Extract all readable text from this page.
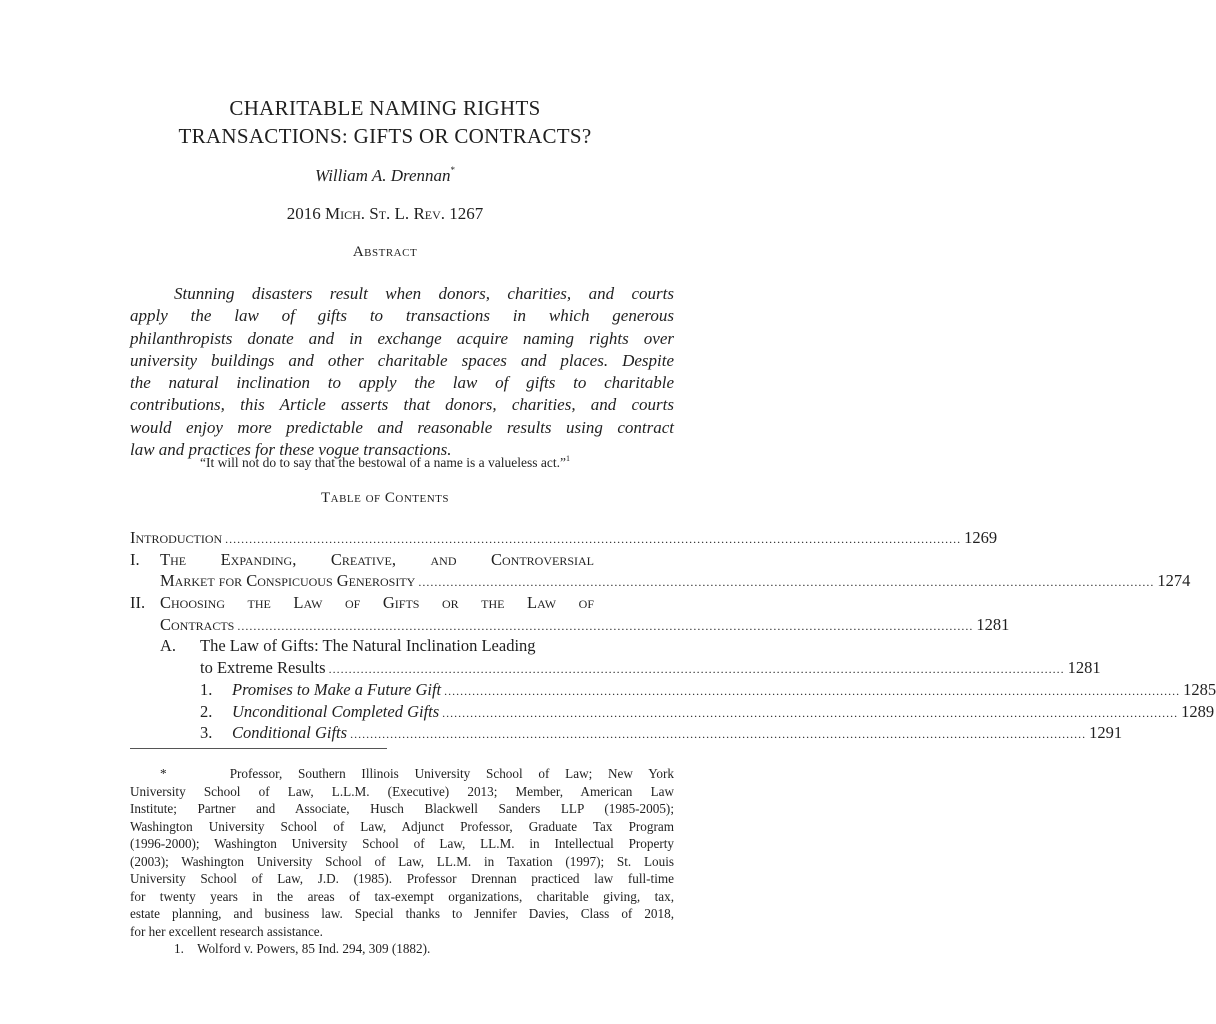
CHARITABLE NAMING RIGHTS
TRANSACTIONS: GIFTS OR CONTRACTS?
William A. Drennan*
2016 Mich. St. L. Rev. 1267
Abstract
Stunning disasters result when donors, charities, and courts
apply the law of gifts to transactions in which generous
philanthropists donate and in exchange acquire naming rights over
university buildings and other charitable spaces and places. Despite
the natural inclination to apply the law of gifts to charitable
contributions, this Article asserts that donors, charities, and courts
would enjoy more predictable and reasonable results using contract
law and practices for these vogue transactions.
“It will not do to say that the bestowal of a name is a valueless act.”$^1$
Table of Contents
Introduction ........................................................................................................................................................................................ 1269
I.	The Expanding, Creative, and Controversial
Market for Conspicuous Generosity ........................................................................................................................................................................................ 1274
II. Choosing the Law of Gifts or the Law of
Contracts ........................................................................................................................................................................................ 1281
A.	The Law of Gifts: The Natural Inclination Leading
to Extreme Results ........................................................................................................................................................................................ 1281
1.	Promises to Make a Future Gift ........................................................................................................................................................................................ 1285
2.	Unconditional Completed Gifts ........................................................................................................................................................................................ 1289
3.	Conditional Gifts ........................................................................................................................................................................................ 1291
*	Professor, Southern Illinois University School of Law; New York
University School of Law, L.L.M. (Executive) 2013; Member, American Law
Institute; Partner and Associate, Husch Blackwell Sanders LLP (1985-2005);
Washington University School of Law, Adjunct Professor, Graduate Tax Program
(1996-2000); Washington University School of Law, LL.M. in Intellectual Property
(2003); Washington University School of Law, LL.M. in Taxation (1997); St. Louis
University School of Law, J.D. (1985). Professor Drennan practiced law full-time
for twenty years in the areas of tax-exempt organizations, charitable giving, tax,
estate planning, and business law. Special thanks to Jennifer Davies, Class of 2018,
for her excellent research assistance.
1. Wolford v. Powers, 85 Ind. 294, 309 (1882).
